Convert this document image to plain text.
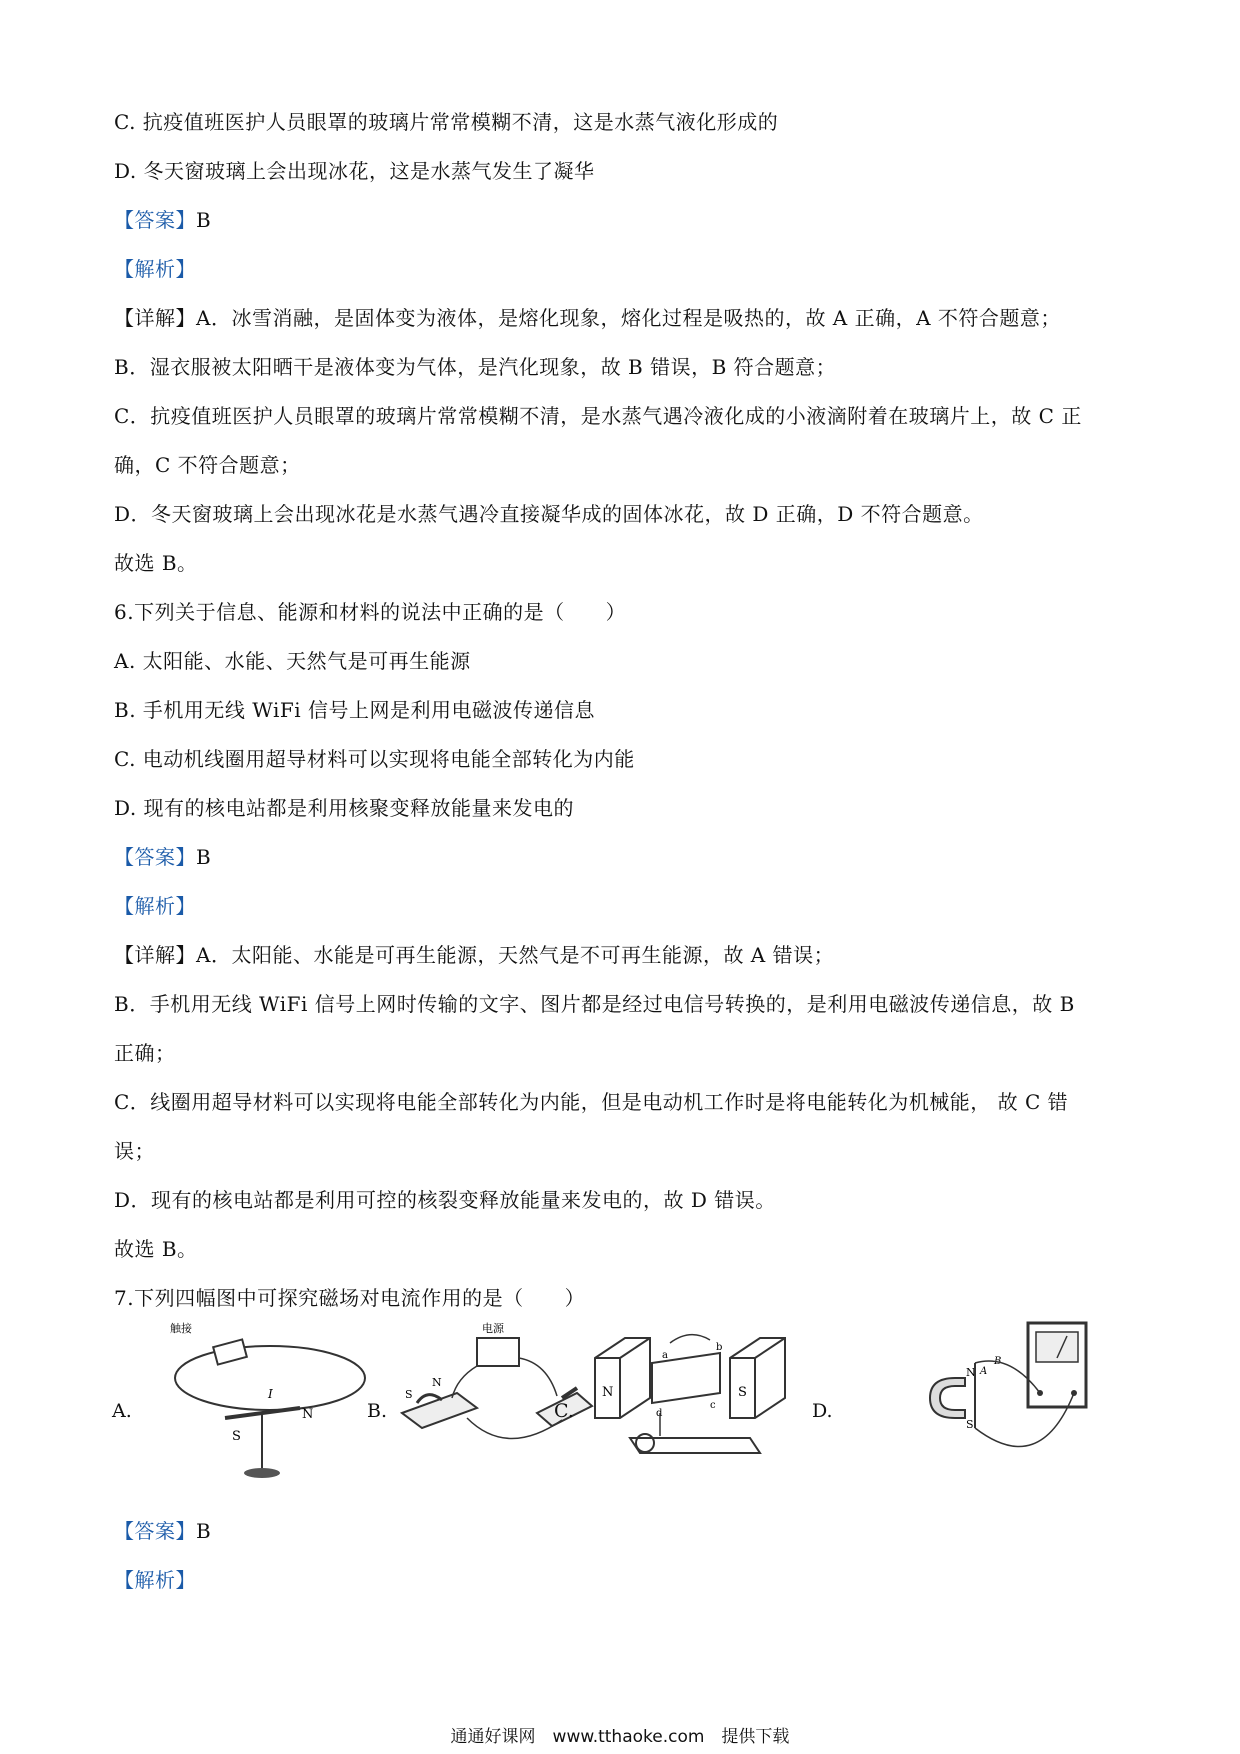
C. 抗疫值班医护人员眼罩的玻璃片常常模糊不清，这是水蒸气液化形成的
D. 冬天窗玻璃上会出现冰花，这是水蒸气发生了凝华
【答案】B
【解析】
【详解】A．冰雪消融，是固体变为液体，是熔化现象，熔化过程是吸热的，故 A 正确，A 不符合题意；
B．湿衣服被太阳晒干是液体变为气体，是汽化现象，故 B 错误，B 符合题意；
C．抗疫值班医护人员眼罩的玻璃片常常模糊不清，是水蒸气遇冷液化成的小液滴附着在玻璃片上，故 C 正
确，C 不符合题意；
D．冬天窗玻璃上会出现冰花是水蒸气遇冷直接凝华成的固体冰花，故 D 正确，D 不符合题意。
故选 B。
6.下列关于信息、能源和材料的说法中正确的是（　　）
A. 太阳能、水能、天然气是可再生能源
B. 手机用无线 WiFi 信号上网是利用电磁波传递信息
C. 电动机线圈用超导材料可以实现将电能全部转化为内能
D. 现有的核电站都是利用核聚变释放能量来发电的
【答案】B
【解析】
【详解】A．太阳能、水能是可再生能源，天然气是不可再生能源，故 A 错误；
B．手机用无线 WiFi 信号上网时传输的文字、图片都是经过电信号转换的，是利用电磁波传递信息，故 B
正确；
C．线圈用超导材料可以实现将电能全部转化为内能，但是电动机工作时是将电能转化为机械能， 故 C 错
误；
D．现有的核电站都是利用可控的核裂变释放能量来发电的，故 D 错误。
故选 B。
7.下列四幅图中可探究磁场对电流作用的是（　　）
A.
触接
S
N
I
B.
电源
N
S
C.
N	S
a
b
c
d	D.
N
S
A
B
【答案】B
【解析】
通通好课网　www.tthaoke.com　提供下载
